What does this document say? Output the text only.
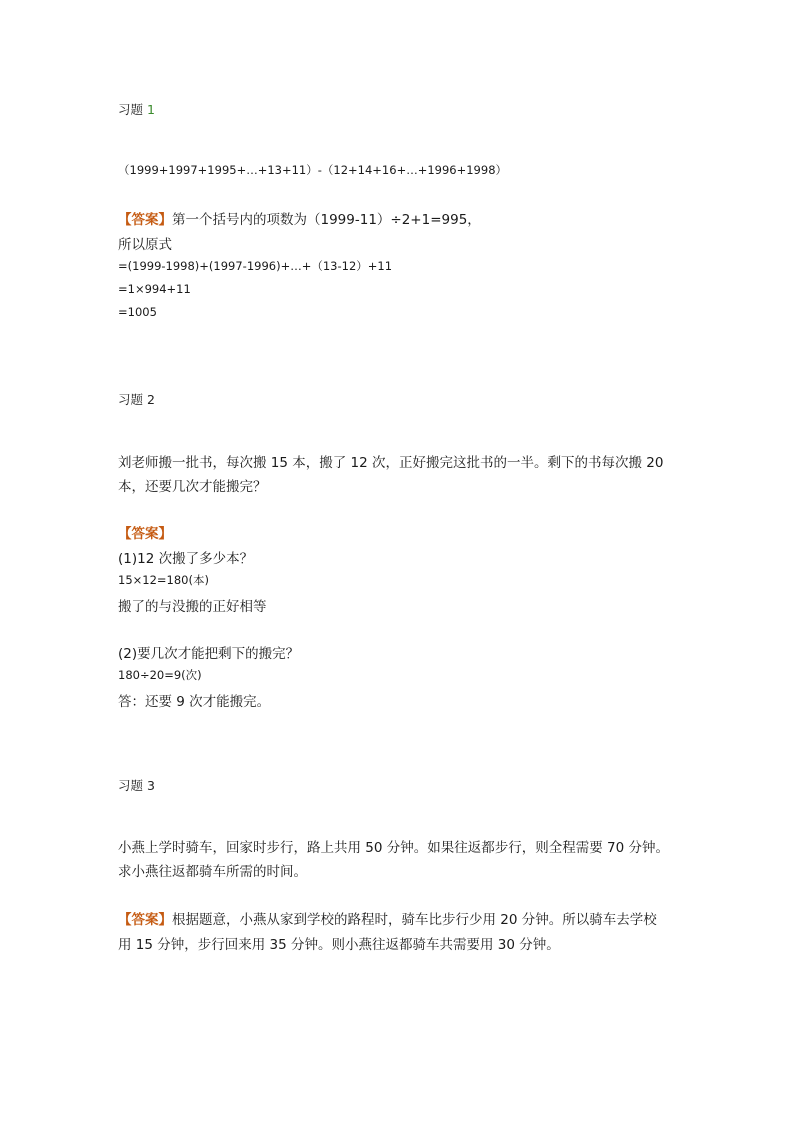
习题 1
（1999+1997+1995+…+13+11）-（12+14+16+…+1996+1998）
【答案】第一个括号内的项数为（1999-11）÷2+1=995，
所以原式
=(1999-1998)+(1997-1996)+…+（13-12）+11
=1×994+11
=1005
习题 2
刘老师搬一批书，每次搬 15 本，搬了 12 次，正好搬完这批书的一半。剩下的书每次搬 20
本，还要几次才能搬完？
【答案】
(1)12 次搬了多少本？
15×12=180(本)
搬了的与没搬的正好相等
(2)要几次才能把剩下的搬完？
180÷20=9(次)
答：还要 9 次才能搬完。
习题 3
小燕上学时骑车，回家时步行，路上共用 50 分钟。如果往返都步行，则全程需要 70 分钟。
求小燕往返都骑车所需的时间。
【答案】根据题意，小燕从家到学校的路程时，骑车比步行少用 20 分钟。所以骑车去学校
用 15 分钟，步行回来用 35 分钟。则小燕往返都骑车共需要用 30 分钟。
